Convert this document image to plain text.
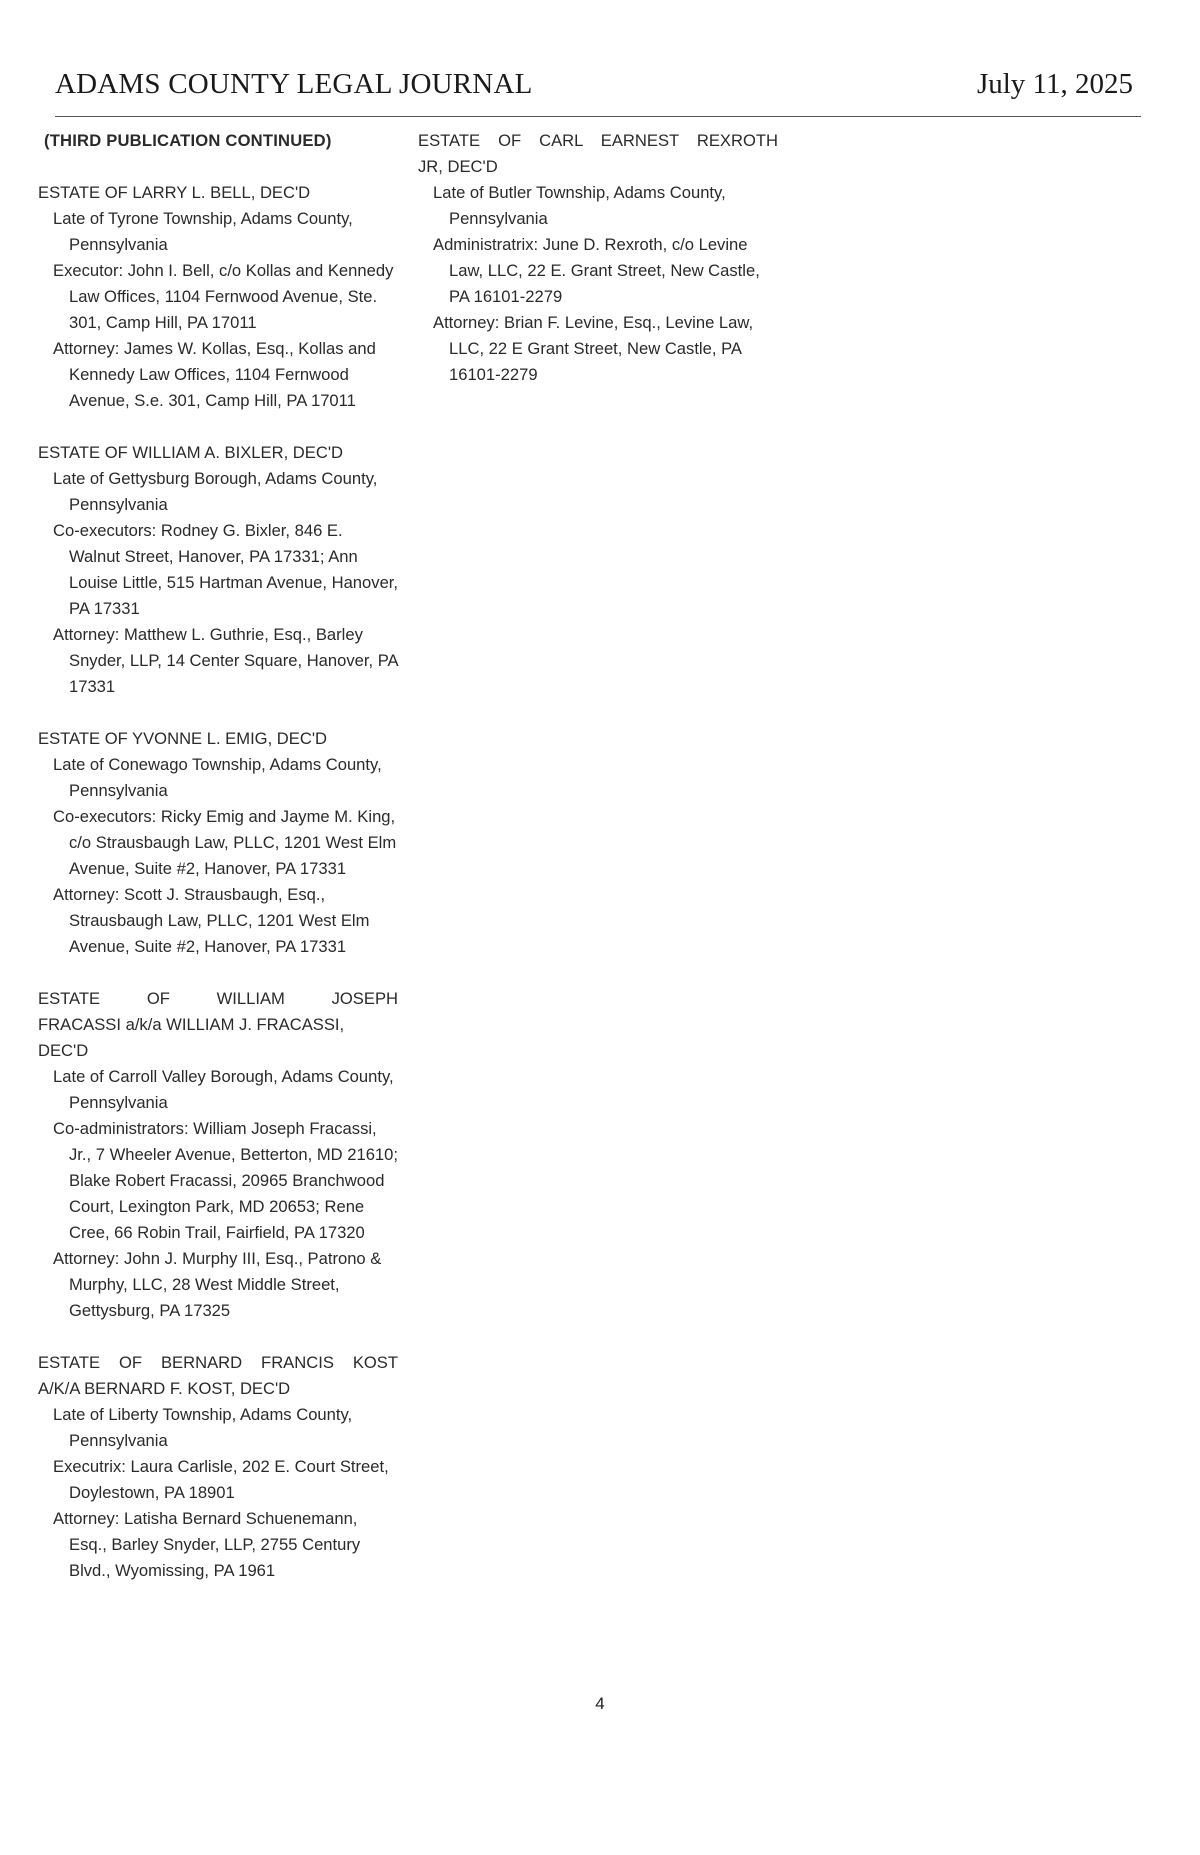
ADAMS COUNTY LEGAL JOURNAL	July 11, 2025
(THIRD PUBLICATION CONTINUED)

ESTATE OF LARRY L. BELL, DEC'D

Late of Tyrone Township, Adams County, Pennsylvania

Executor: John I. Bell, c/o Kollas and Kennedy Law Offices, 1104 Fernwood Avenue, Ste. 301, Camp Hill, PA 17011

Attorney: James W. Kollas, Esq., Kollas and Kennedy Law Offices, 1104 Fernwood Avenue, S.e. 301, Camp Hill, PA 17011

ESTATE OF WILLIAM A. BIXLER, DEC'D

Late of Gettysburg Borough, Adams County, Pennsylvania

Co-executors: Rodney G. Bixler, 846 E. Walnut Street, Hanover, PA 17331; Ann Louise Little, 515 Hartman Avenue, Hanover, PA 17331

Attorney: Matthew L. Guthrie, Esq., Barley Snyder, LLP, 14 Center Square, Hanover, PA 17331

ESTATE OF YVONNE L. EMIG, DEC'D

Late of Conewago Township, Adams County, Pennsylvania

Co-executors: Ricky Emig and Jayme M. King, c/o Strausbaugh Law, PLLC, 1201 West Elm Avenue, Suite #2, Hanover, PA 17331

Attorney: Scott J. Strausbaugh, Esq., Strausbaugh Law, PLLC, 1201 West Elm Avenue, Suite #2, Hanover, PA 17331

ESTATE OF WILLIAM JOSEPH

FRACASSI a/k/a WILLIAM J. FRACASSI,

DEC'D

Late of Carroll Valley Borough, Adams County, Pennsylvania

Co-administrators: William Joseph Fracassi, Jr., 7 Wheeler Avenue, Betterton, MD 21610; Blake Robert Fracassi, 20965 Branchwood Court, Lexington Park, MD 20653; Rene Cree, 66 Robin Trail, Fairfield, PA 17320

Attorney: John J. Murphy III, Esq., Patrono & Murphy, LLC, 28 West Middle Street, Gettysburg, PA 17325

ESTATE OF BERNARD FRANCIS KOST

A/K/A BERNARD F. KOST, DEC'D

Late of Liberty Township, Adams County, Pennsylvania

Executrix: Laura Carlisle, 202 E. Court Street, Doylestown, PA 18901

Attorney: Latisha Bernard Schuenemann, Esq., Barley Snyder, LLP, 2755 Century Blvd., Wyomissing, PA 1961

ESTATE OF CARL EARNEST REXROTH

JR, DEC'D

Late of Butler Township, Adams County, Pennsylvania

Administratrix: June D. Rexroth, c/o Levine Law, LLC, 22 E. Grant Street, New Castle, PA 16101-2279

Attorney: Brian F. Levine, Esq., Levine Law, LLC, 22 E Grant Street, New Castle, PA 16101-2279

4
